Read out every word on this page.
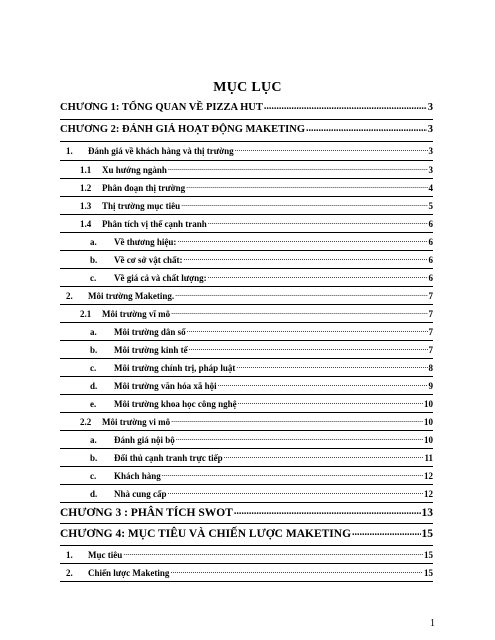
MỤC LỤC
CHƯƠNG 1: TỔNG QUAN VỀ PIZZA HUT .....	3
CHƯƠNG 2: ĐÁNH GIÁ HOẠT ĐỘNG MAKETING .....	3
1.	Đánh giá về khách hàng và thị trường .....	3
1.1	Xu hướng ngành .....	3
1.2	Phân đoạn thị trường .....	4
1.3	Thị trường mục tiêu .....	5
1.4	Phân tích vị thế cạnh tranh .....	6
a.	Về thương hiệu: .....	6
b.	Về cơ sở vật chất: .....	6
c.	Về giá cả và chất lượng: .....	6
2.	Môi trường Maketing. .....	7
2.1	Môi trường vĩ mô .....	7
a.	Môi trường dân số .....	7
b.	Môi trường kinh tế .....	7
c.	Môi trường chính trị, pháp luật .....	8
d.	Môi trường văn hóa xã hội .....	9
e.	Môi trường khoa học công nghệ .....	10
2.2	Môi trường vi mô .....	10
a.	Đánh giá nội bộ .....	10
b.	Đối thủ cạnh tranh trực tiếp .....	11
c.	Khách hàng .....	12
d.	Nhà cung cấp .....	12
CHƯƠNG 3 : PHÂN TÍCH SWOT .....	13
CHƯƠNG 4: MỤC TIÊU VÀ CHIẾN LƯỢC MAKETING .....	15
1.	Mục tiêu .....	15
2.	Chiến lược Maketing .....	15
1
